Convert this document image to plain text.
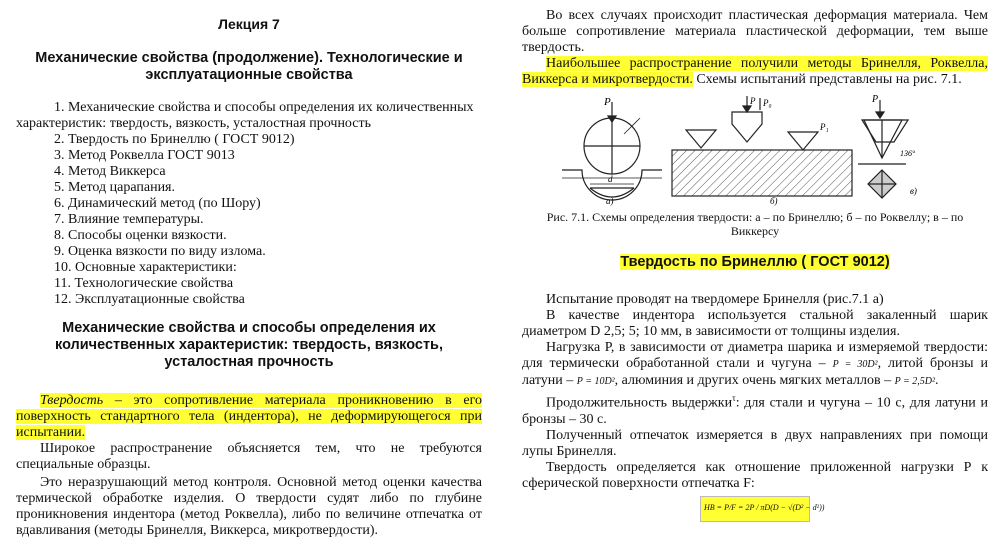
Лекция 7
Механические свойства (продолжение). Технологические и эксплуатационные свойства
1. Механические свойства и способы определения их количественных характеристик: твердость, вязкость, усталостная прочность
2. Твердость по Бринеллю ( ГОСТ 9012)
3. Метод Роквелла ГОСТ 9013
4. Метод Виккерса
5. Метод царапания.
6. Динамический метод (по Шору)
7. Влияние температуры.
8. Способы оценки вязкости.
9. Оценка вязкости по виду излома.
10. Основные характеристики:
11. Технологические свойства
12. Эксплуатационные свойства
Механические свойства и способы определения их количественных характеристик: твердость, вязкость, усталостная прочность

Твердость – это сопротивление материала проникновению в его поверхность стандартного тела (индентора), не деформирующегося при испытании.

Широкое распространение объясняется тем, что не требуются специальные образцы.

Это неразрушающий метод контроля. Основной метод оценки качества термической обработке изделия. О твердости судят либо по глубине проникновения индентора (метод Роквелла), либо по величине отпечатка от вдавливания (методы Бринелля, Виккерса, микротвердости).

Во всех случаях происходит пластическая деформация материала. Чем больше сопротивление материала пластической деформации, тем выше твердость.

Наибольшее распространение получили методы Бринелля, Роквелла, Виккерса и микротвердости. Схемы испытаний представлены на рис. 7.1.

P
d
а)
P P₀
P₁
б)
P
136°
в)
Рис. 7.1. Схемы определения твердости: а – по Бринеллю; б – по Роквеллу; в – по Виккерсу
Твердость по Бринеллю ( ГОСТ 9012)

Испытание проводят на твердомере Бринелля (рис.7.1 а)

В качестве индентора используется стальной закаленный шарик диаметром D 2,5; 5; 10 мм, в зависимости от толщины изделия.

Нагрузка Р, в зависимости от диаметра шарика и измеряемой твердости: для термически обработанной стали и чугуна – P = 30D², литой бронзы и латуни – P = 10D², алюминия и других очень мягких металлов – P = 2,5D².

Продолжительность выдержки$^\tau$: для стали и чугуна – 10 с, для латуни и бронзы – 30 с.

Полученный отпечаток измеряется в двух направлениях при помощи лупы Бринелля.

Твердость определяется как отношение приложенной нагрузки Р к сферической поверхности отпечатка F:

HB = P/F = 2P / πD(D − √(D² − d²))
